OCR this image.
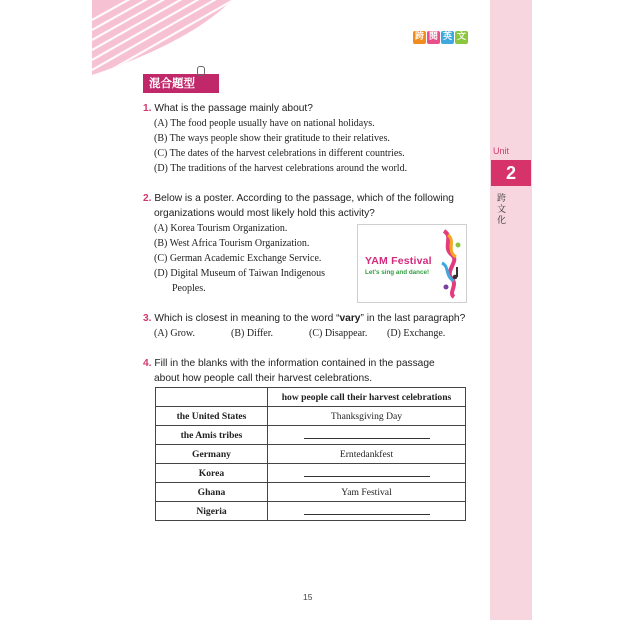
Unit
2
跨文化
跨 閱 英 文
混合題型
1. What is the passage mainly about?
(A) The food people usually have on national holidays.
(B) The ways people show their gratitude to their relatives.
(C) The dates of the harvest celebrations in different countries.
(D) The traditions of the harvest celebrations around the world.
2. Below is a poster. According to the passage, which of the following
organizations would most likely hold this activity?
(A) Korea Tourism Organization.
(B) West Africa Tourism Organization.
(C) German Academic Exchange Service.
(D) Digital Museum of Taiwan Indigenous
Peoples.
YAM Festival
Let's sing and dance!
3. Which is closest in meaning to the word “vary” in the last paragraph?
(A) Grow.	(B) Differ.	(C) Disappear. (D) Exchange.
4. Fill in the blanks with the information contained in the passage
about how people call their harvest celebrations.
	how people call their harvest celebrations
the United States	Thanksgiving Day
the Amis tribes	
Germany	Erntedankfest
Korea	
Ghana	Yam Festival
Nigeria	
15
